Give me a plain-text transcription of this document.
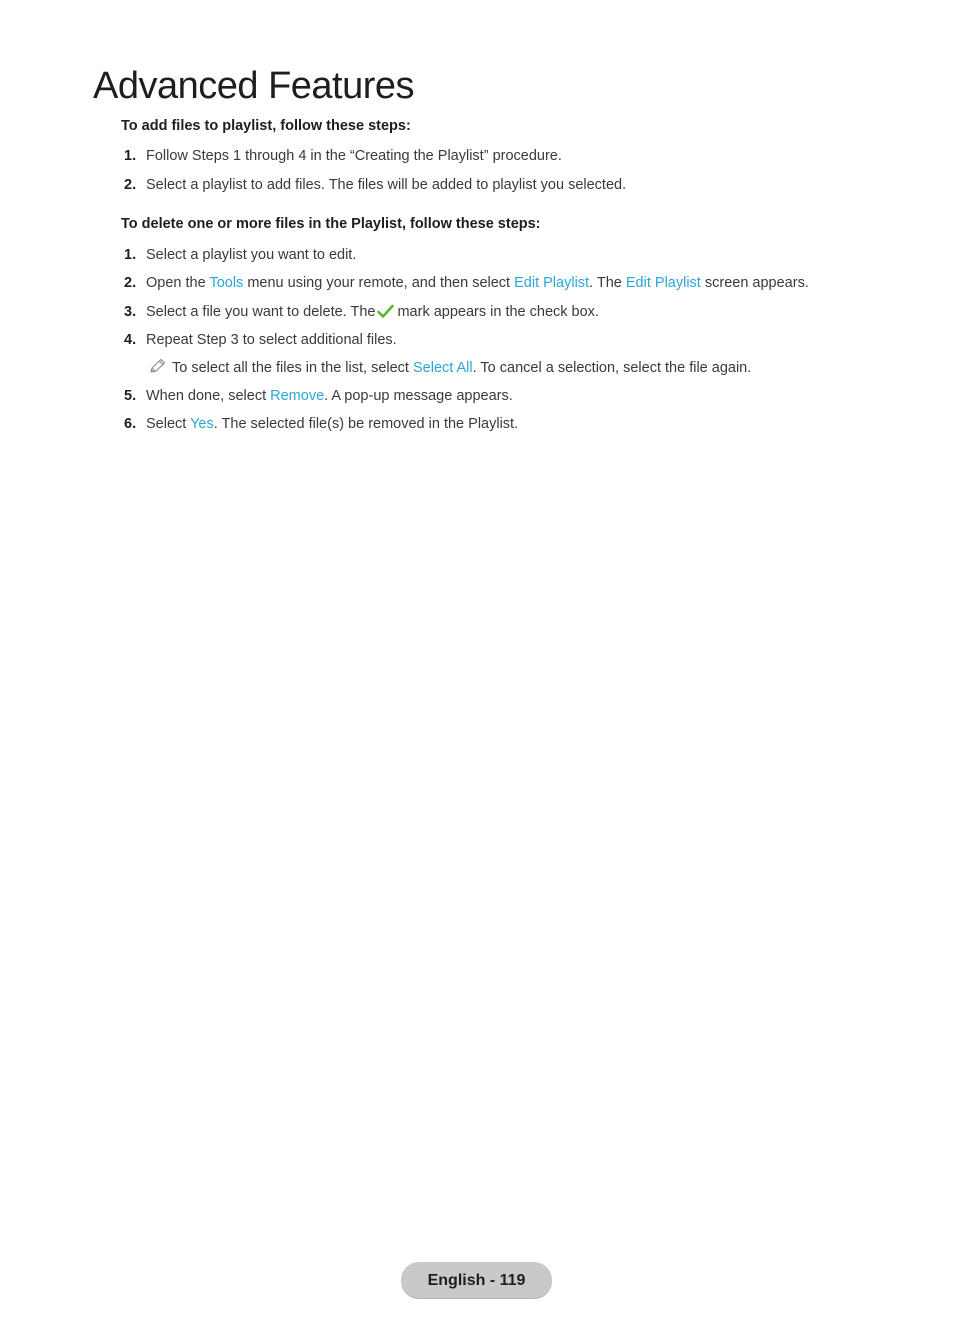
Advanced Features

To add files to playlist, follow these steps:

1. Follow Steps 1 through 4 in the “Creating the Playlist” procedure.
2. Select a playlist to add files. The files will be added to playlist you selected.

To delete one or more files in the Playlist, follow these steps:

1. Select a playlist you want to edit.
2. Open the Tools menu using your remote, and then select Edit Playlist. The Edit Playlist screen appears.
3. Select a file you want to delete. The mark appears in the check box.
4. Repeat Step 3 to select additional files.
To select all the files in the list, select Select All. To cancel a selection, select the file again.
5. When done, select Remove. A pop-up message appears.
6. Select Yes. The selected file(s) be removed in the Playlist.
English - 119
